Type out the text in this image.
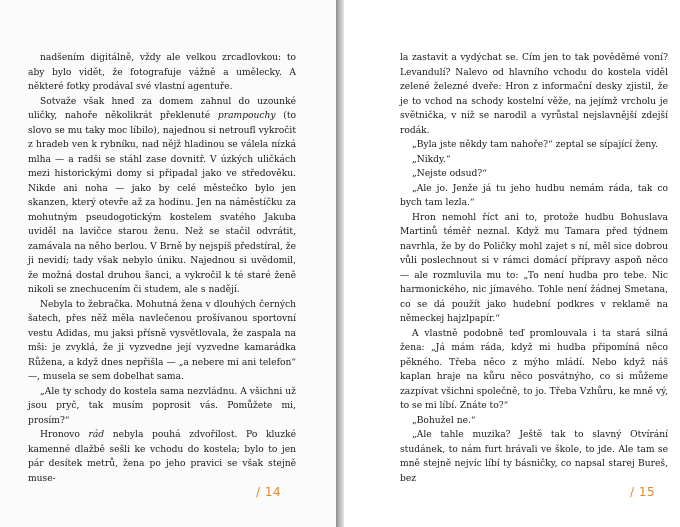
nadšením digitálně, vždy ale velkou zrcadlovkou: to aby bylo vidět, že fotografuje vážně a umělecky. A některé fotky prodával své vlastní agentuře.

Sotvaže však hned za domem zahnul do uzounké uličky, nahoře několikrát překlenuté prampouchy (to slovo se mu taky moc líbilo), najednou si netroufl vykročit z hradeb ven k rybníku, nad nějž hladinou se válela nízká mlha — a radši se stáhl zase dovnitř. V úzkých uličkách mezi historickými domy si připadal jako ve středověku. Nikde ani noha — jako by celé městečko bylo jen skanzen, který otevře až za hodinu. Jen na náměstíčku za mohutným pseudogotickým kostelem svatého Jakuba uviděl na lavičce starou ženu. Než se stačil odvrátit, zamávala na něho berlou. V Brně by nejspíš předstíral, že ji nevidí; tady však nebylo úniku. Najednou si uvědomil, že možná dostal druhou šanci, a vykročil k té staré ženě nikoli se znechucením či studem, ale s nadějí.

Nebyla to žebračka. Mohutná žena v dlouhých černých šatech, přes něž měla navlečenou prošívanou sportovní vestu Adidas, mu jaksi přísně vysvětlovala, že zaspala na mši: je zvyklá, že ji vyzvedne její vyzvedne kamarádka Růžena, a když dnes nepřišla — „a nebere mi ani telefon“ —, musela se sem dobelhat sama.

„Ale ty schody do kostela sama nezvládnu. A všichni už jsou pryč, tak musím poprosit vás. Pomůžete mi, prosím?“

Hronovo rád nebyla pouhá zdvořilost. Po kluzké kamenné dlažbě sešli ke vchodu do kostela; bylo to jen pár desítek metrů, žena po jeho pravici se však stejně muse-

/ 14

la zastavit a vydýchat se. Cím jen to tak pověděmé voní? Levandulí? Nalevo od hlavního vchodu do kostela viděl zelené železné dveře: Hron z informační desky zjistil, že je to vchod na schody kostelní věže, na jejímž vrcholu je světnička, v níž se narodil a vyrůstal nejslavnější zdejší rodák.

„Byla jste někdy tam nahoře?“ zeptal se sípající ženy.

„Nikdy.“

„Nejste odsud?“

„Ale jo. Jenže já tu jeho hudbu nemám ráda, tak co bych tam lezla.“

Hron nemohl říct ani to, protože hudbu Bohuslava Martinů téměř neznal. Když mu Tamara před týdnem navrhla, že by do Poličky mohl zajet s ní, měl sice dobrou vůli poslechnout si v rámci domácí přípravy aspoň něco — ale rozmluvila mu to: „To není hudba pro tebe. Nic harmonického, nic jímavého. Tohle není žádnej Smetana, co se dá použít jako hudební podkres v reklamě na německej hajzlpapír.“

A vlastně podobně teď promlouvala i ta stará silná žena: „Já mám ráda, když mi hudba připomíná něco pěkného. Třeba něco z mýho mládí. Nebo když náš kaplan hraje na kůru něco posvátnýho, co si můžeme zazpívat všichni společně, to jo. Třeba Vzhůru, ke mně vý, to se mi líbí. Znáte to?“

„Bohužel ne.“

„Ale tahle muzika? Ještě tak to slavný Otvírání studánek, to nám furt hrávali ve škole, to jde. Ale tam se mně stejně nejvíc líbí ty básničky, co napsal starej Bureš, bez

/ 15
